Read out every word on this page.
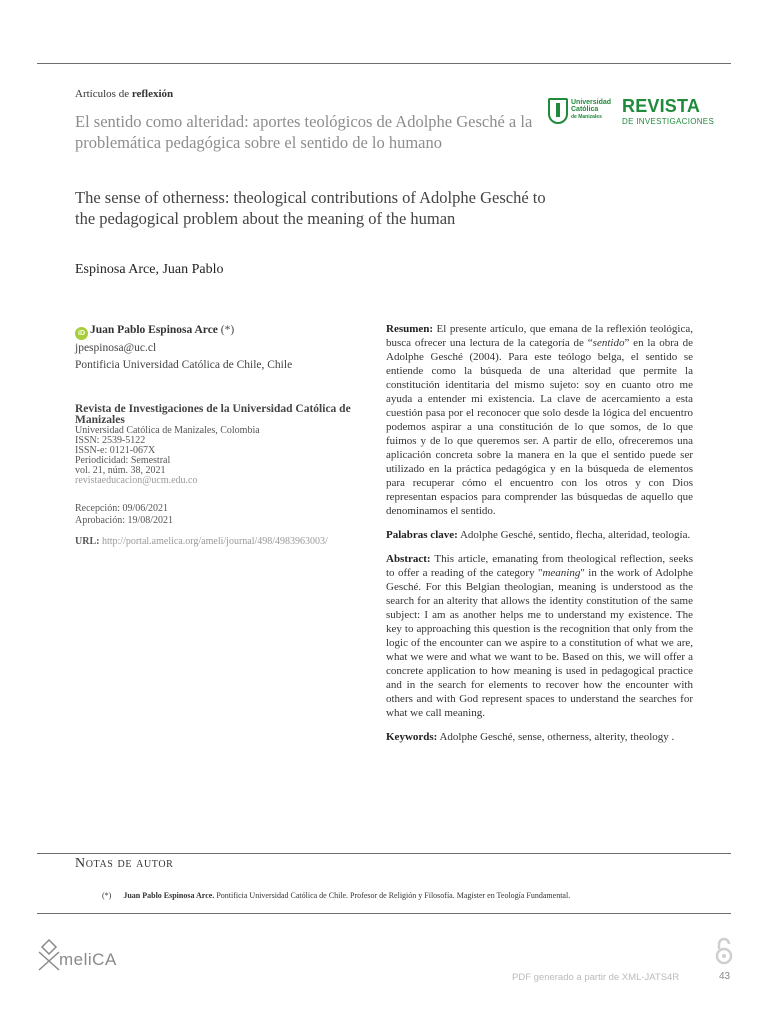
Artículos de reflexión
Universidad
Católica
de Manizales
REVISTA
DE INVESTIGACIONES
El sentido como alteridad: aportes teológicos de Adolphe Gesché a la problemática pedagógica sobre el sentido de lo humano
The sense of otherness: theological contributions of Adolphe Gesché to the pedagogical problem about the meaning of the human
Espinosa Arce, Juan Pablo
iD Juan Pablo Espinosa Arce (*)
jpespinosa@uc.cl
Pontificia Universidad Católica de Chile, Chile
Revista de Investigaciones de la Universidad Católica de Manizales
Universidad Católica de Manizales, Colombia
ISSN: 2539-5122
ISSN-e: 0121-067X
Periodicidad: Semestral
vol. 21, núm. 38, 2021
revistaeducacion@ucm.edu.co
Recepción: 09/06/2021
Aprobación: 19/08/2021
URL: http://portal.amelica.org/ameli/journal/498/4983963003/

Resumen: El presente artículo, que emana de la reflexión teológica, busca ofrecer una lectura de la categoría de “sentido” en la obra de Adolphe Gesché (2004). Para este teólogo belga, el sentido se entiende como la búsqueda de una alteridad que permite la constitución identitaria del mismo sujeto: soy en cuanto otro me ayuda a entender mi existencia. La clave de acercamiento a esta cuestión pasa por el reconocer que solo desde la lógica del encuentro podemos aspirar a una constitución de lo que somos, de lo que fuimos y de lo que queremos ser. A partir de ello, ofreceremos una aplicación concreta sobre la manera en la que el sentido puede ser utilizado en la práctica pedagógica y en la búsqueda de elementos para recuperar cómo el encuentro con los otros y con Dios representan espacios para comprender las búsquedas de aquello que denominamos el sentido.

Palabras clave: Adolphe Gesché, sentido, flecha, alteridad, teología.

Abstract: This article, emanating from theological reflection, seeks to offer a reading of the category "meaning" in the work of Adolphe Gesché. For this Belgian theologian, meaning is understood as the search for an alterity that allows the identity constitution of the same subject: I am as another helps me to understand my existence. The key to approaching this question is the recognition that only from the logic of the encounter can we aspire to a constitution of what we are, what we were and what we want to be. Based on this, we will offer a concrete application to how meaning is used in pedagogical practice and in the search for elements to recover how the encounter with others and with God represent spaces to understand the searches for what we call meaning.

Keywords: Adolphe Gesché, sense, otherness, alterity, theology .

Notas de autor
(*) Juan Pablo Espinosa Arce. Pontificia Universidad Católica de Chile. Profesor de Religión y Filosofía. Magister en Teología Fundamental.
meliCA
PDF generado a partir de XML-JATS4R	43
